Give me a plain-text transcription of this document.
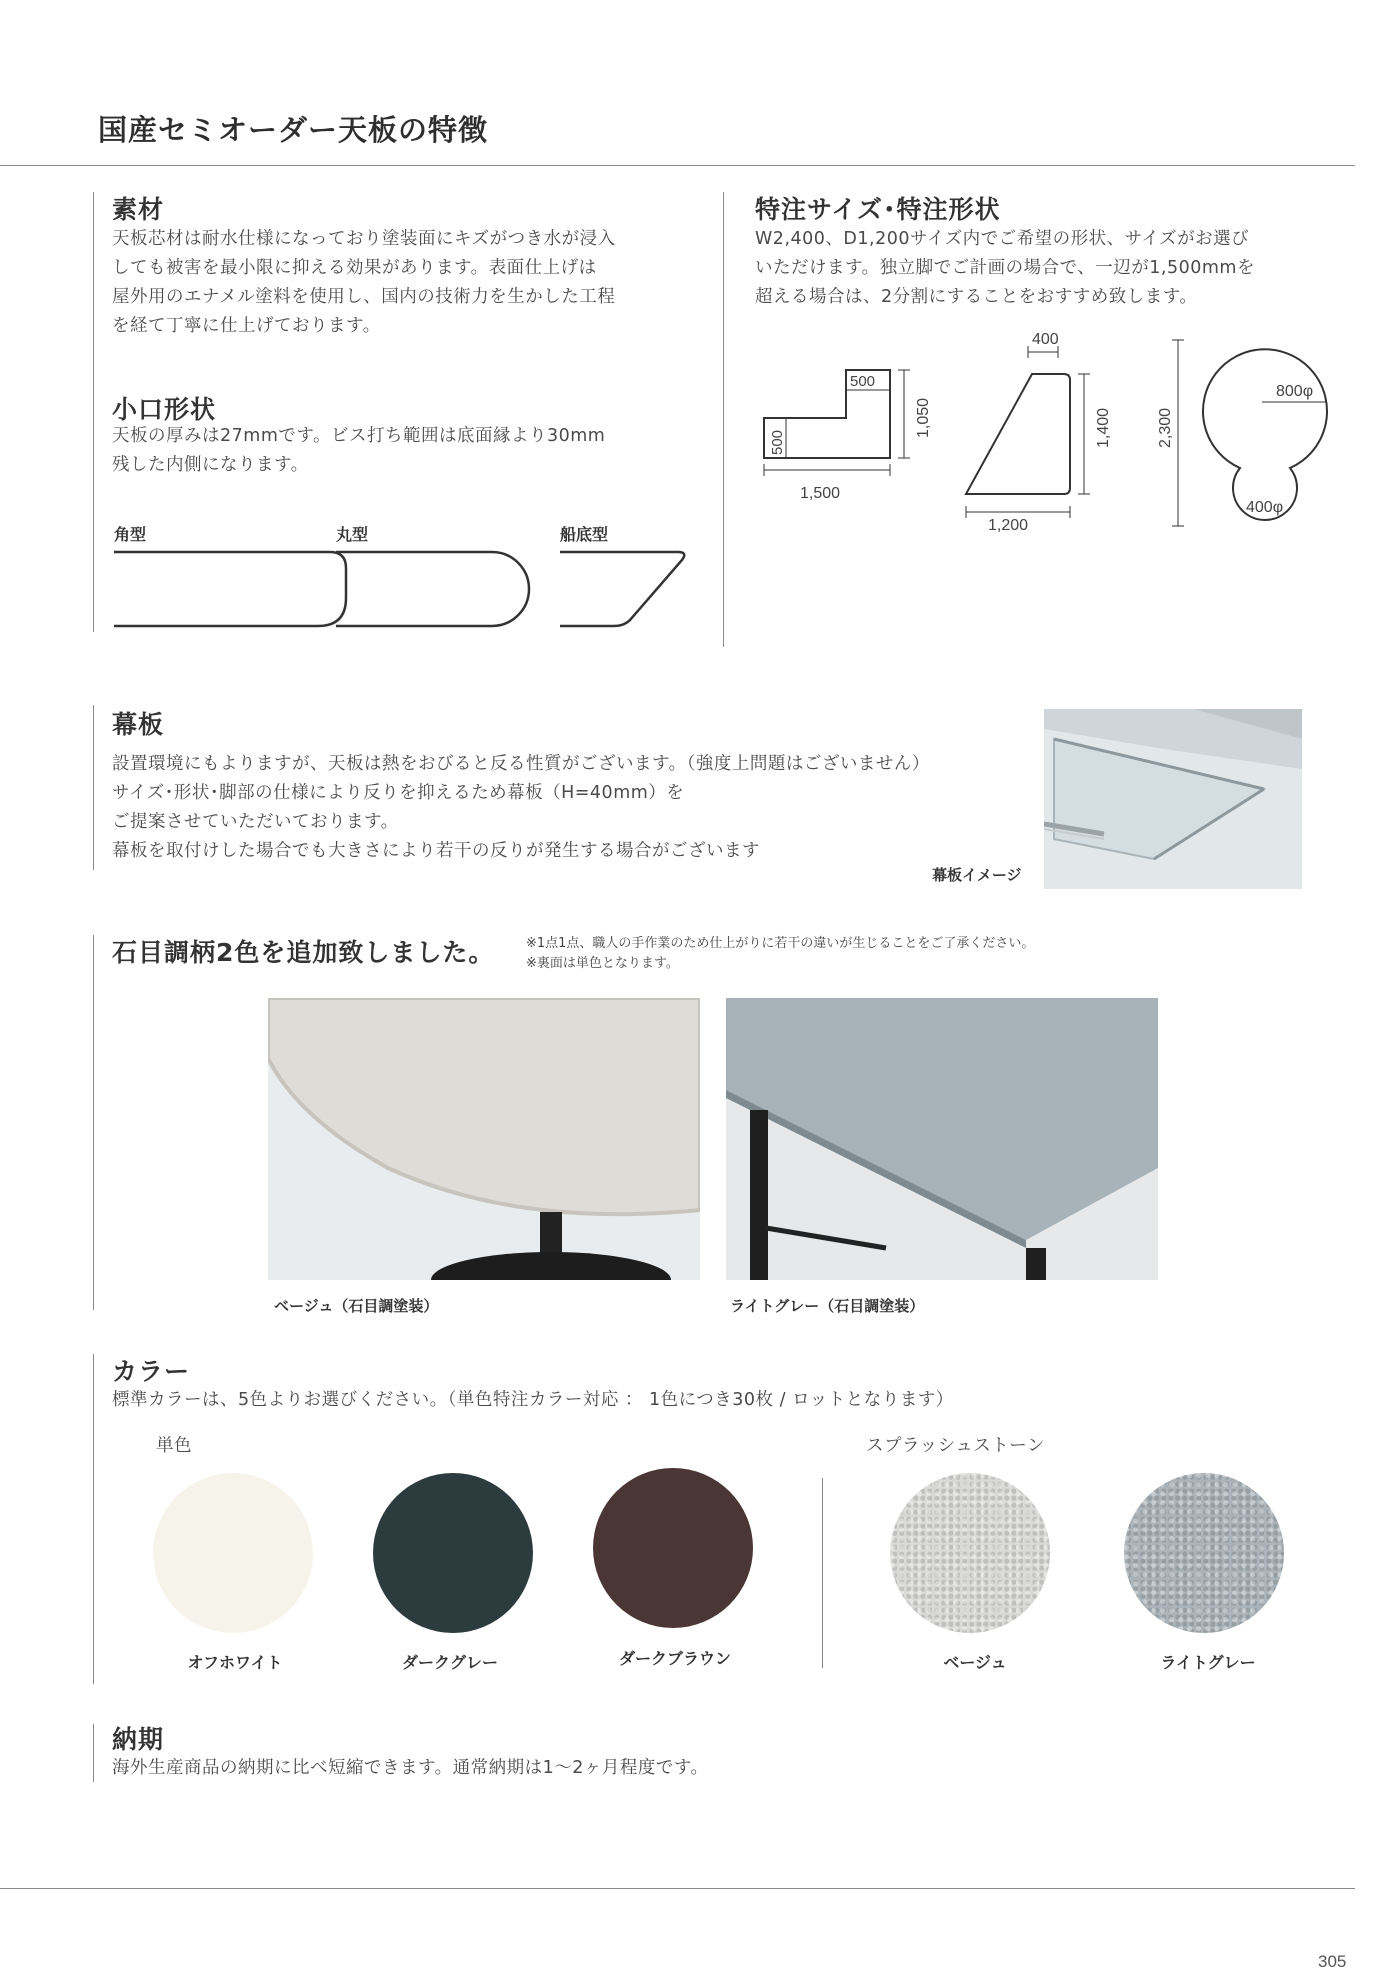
国産セミオーダー天板の特徴
素材
天板芯材は耐水仕様になっており塗装面にキズがつき水が浸入
しても被害を最小限に抑える効果があります。表面仕上げは
屋外用のエナメル塗料を使用し、国内の技術力を生かした工程
を経て丁寧に仕上げております。
小口形状
天板の厚みは27mmです。ビス打ち範囲は底面縁より30mm
残した内側になります。
角型	丸型	船底型
特注サイズ･特注形状
W2,400、D1,200サイズ内でご希望の形状、サイズがお選び
いただけます。独立脚でご計画の場合で、一辺が1,500mmを
超える場合は、2分割にすることをおすすめ致します。
500
500
1,500
1,050
400
1,400
1,200
2,300
800φ
400φ
幕板
設置環境にもよりますが、天板は熱をおびると反る性質がございます。（強度上問題はございません）
サイズ･形状･脚部の仕様により反りを抑えるため幕板（H=40mm）を
ご提案させていただいております。
幕板を取付けした場合でも大きさにより若干の反りが発生する場合がございます
幕板イメージ
石目調柄2色を追加致しました。 ※1点1点、職人の手作業のため仕上がりに若干の違いが生じることをご了承ください。
※裏面は単色となります。
ベージュ（石目調塗装）	ライトグレー（石目調塗装）
カラー
標準カラーは、5色よりお選びください。（単色特注カラー対応 ： 1色につき30枚 / ロットとなります）
単色	スプラッシュストーン
オフホワイト	ダークグレー	ダークブラウン	ベージュ	ライトグレー
納期
海外生産商品の納期に比べ短縮できます。通常納期は1～2ヶ月程度です。
305
